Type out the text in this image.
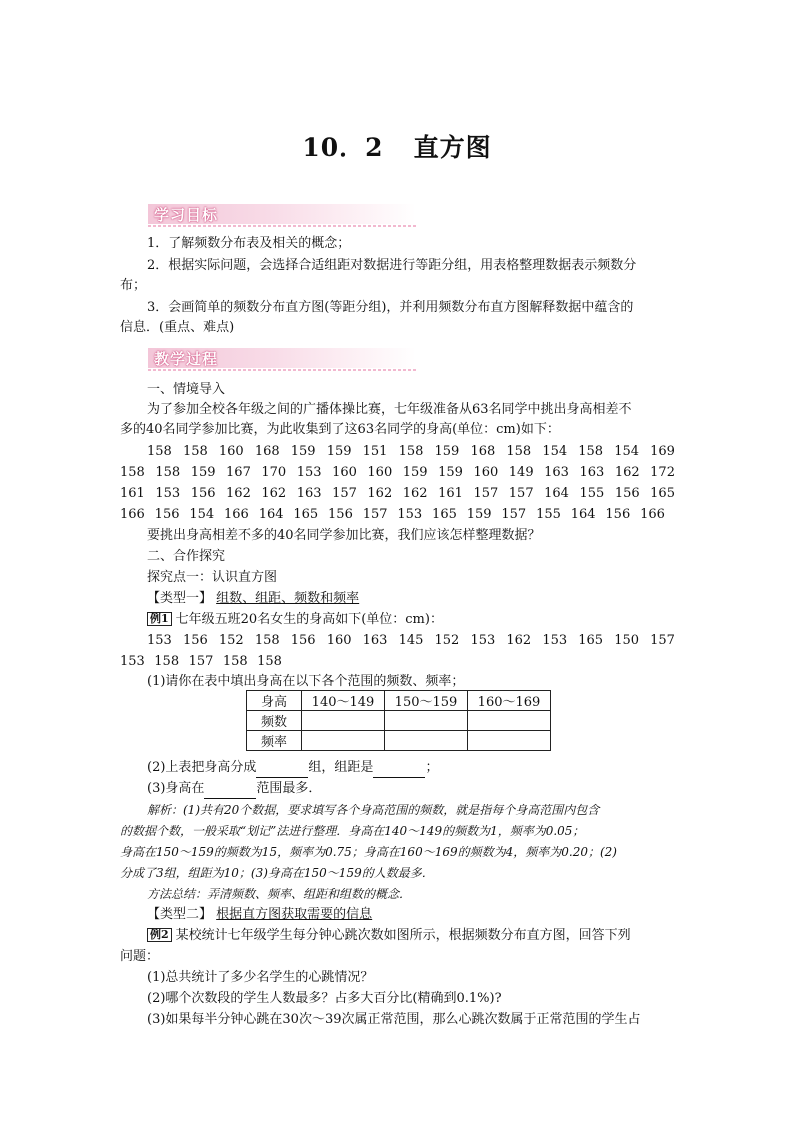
10．2 直方图
学习目标
1．了解频数分布表及相关的概念；
2．根据实际问题，会选择合适组距对数据进行等距分组，用表格整理数据表示频数分
布；
3．会画简单的频数分布直方图(等距分组)，并利用频数分布直方图解释数据中蕴含的
信息．(重点、难点)
教学过程
一、情境导入
为了参加全校各年级之间的广播体操比赛，七年级准备从63名同学中挑出身高相差不
多的40名同学参加比赛，为此收集到了这63名同学的身高(单位：cm)如下：
158 158 160 168 159 159 151 158 159 168 158 154 158 154 169
158 158 159 167 170 153 160 160 159 159 160 149 163 163 162 172
161 153 156 162 162 163 157 162 162 161 157 157 164 155 156 165
166 156 154 166 164 165 156 157 153 165 159 157 155 164 156 166
要挑出身高相差不多的40名同学参加比赛，我们应该怎样整理数据？
二、合作探究
探究点一：认识直方图
【类型一】 组数、组距、频数和频率
例1 七年级五班20名女生的身高如下(单位：cm)：
153 156 152 158 156 160 163 145 152 153 162 153 165 150 157
153 158 157 158 158
(1)请你在表中填出身高在以下各个范围的频数、频率；
身高	140～149	150～159	160～169
频数			
频率			
(2)上表把身高分成	组，组距是	；
(3)身高在	范围最多．
解析：(1)共有20个数据，要求填写各个身高范围的频数，就是指每个身高范围内包含
的数据个数，一般采取“划记”法进行整理．身高在140～149的频数为1，频率为0.05；
身高在150～159的频数为15，频率为0.75；身高在160～169的频数为4，频率为0.20；(2)
分成了3组，组距为10；(3)身高在150～159的人数最多．
方法总结：弄清频数、频率、组距和组数的概念．
【类型二】 根据直方图获取需要的信息
例2 某校统计七年级学生每分钟心跳次数如图所示，根据频数分布直方图，回答下列
问题：
(1)总共统计了多少名学生的心跳情况？
(2)哪个次数段的学生人数最多？占多大百分比(精确到0.1%)?
(3)如果每半分钟心跳在30次～39次属正常范围，那么心跳次数属于正常范围的学生占
